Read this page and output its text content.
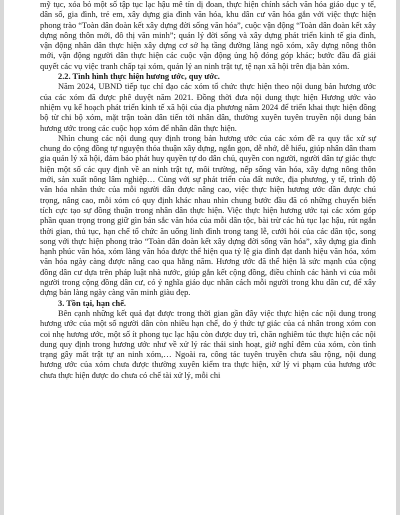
mỹ tục, xóa bỏ một số tập tục lạc hậu mê tín dị đoan, thực hiện chính sách văn hóa giáo dục y tế, dân số, gia đình, trẻ em, xây dựng gia đình văn hóa, khu dân cư văn hóa gắn với việc thực hiện phong trào “Toàn dân đoàn kết xây dựng đời sống văn hóa”, cuộc vận động “Toàn dân đoàn kết xây dựng nông thôn mới, đô thị văn minh”; quản lý đời sống và xây dựng phát triển kinh tế gia đình, vận động nhân dân thực hiện xây dựng cơ sở hạ tầng đường làng ngõ xóm, xây dựng nông thôn mới, vận động người dân thực hiện các cuộc vận động ủng hộ đóng góp khác; bước đầu đã giải quyết các vụ việc tranh chấp tại xóm, quản lý an ninh trật tự, tệ nạn xã hội trên địa bàn xóm.

2.2. Tình hình thực hiện hương ước, quy ước.

Năm 2024, UBND tiếp tục chỉ đạo các xóm tổ chức thực hiện theo nội dung bản hương ước của các xóm đã được phê duyệt năm 2021. Đồng thời đưa nội dung thực hiện Hương ước vào nhiệm vụ kế hoạch phát triển kinh tế xã hội của địa phương năm 2024 để triển khai thực hiện đồng bộ từ chi bộ xóm, mặt trận toàn dân tiến tới nhân dân, thường xuyên tuyên truyền nội dung bản hương ước trong các cuộc họp xóm để nhân dân thực hiện.

Nhìn chung các nội dung quy định trong bản hương ước của các xóm đề ra quy tắc xử sự chung do cộng đồng tự nguyện thỏa thuận xây dựng, ngắn gọn, dễ nhớ, dễ hiểu, giúp nhân dân tham gia quản lý xã hội, đảm bảo phát huy quyền tự do dân chủ, quyền con người, người dân tự giác thực hiện một số các quy định về an ninh trật tự, môi trường, nếp sống văn hóa, xây dựng nông thôn mới, sản xuất nông lâm nghiệp… Cùng với sự phát triển của đất nước, địa phương, y tế, trình độ văn hóa nhân thức của mỗi người dân được nâng cao, việc thực hiện hương ước dần được chú trọng, nâng cao, mỗi xóm có quy định khác nhau nhìn chung bước đầu đã có những chuyển biến tích cực tạo sự đồng thuận trong nhân dân thực hiện. Việc thực hiện hương ước tại các xóm góp phần quan trọng trong giữ gìn bản sắc văn hóa của mỗi dân tộc, bài trừ các hủ tục lạc hậu, rút ngắn thời gian, thủ tục, hạn chế tổ chức ăn uống linh đình trong tang lễ, cưới hỏi của các dân tộc, song song với thực hiện phong trào “Toàn dân đoàn kết xây dựng đời sống văn hóa”, xây dựng gia đình hạnh phúc văn hóa, xóm làng văn hóa được thể hiện qua tỷ lệ gia đình đạt danh hiệu văn hóa, xóm văn hóa ngày càng được nâng cao qua hằng năm. Hương ước đã thể hiện là sức mạnh của cộng đồng dân cư dựa trên pháp luật nhà nước, giúp gắn kết cộng đồng, điều chỉnh các hành vi của mỗi người trong cộng đồng dân cư, có ý nghĩa giáo dục nhân cách mỗi người trong khu dân cư, để xây dựng bản làng ngày càng văn minh giàu đẹp.

3. Tồn tại, hạn chế.

Bên cạnh những kết quả đạt được trong thời gian gần đây việc thực hiện các nội dung trong hương ước của một số người dân còn nhiều hạn chế, do ý thức tự giác của cá nhân trong xóm con coi nhẹ hương ước, một số ít phong tục lạc hậu còn được duy trì, chăn nghiêm túc thực hiện các nội dung quy định trong hương ước như về xử lý rác thải sinh hoạt, giờ nghỉ đêm của xóm, còn tình trạng gây mất trật tự an ninh xóm,… Ngoài ra, công tác tuyên truyền chưa sâu rộng, nội dung hương ước của xóm chưa được thường xuyên kiểm tra thực hiện, xử lý vi phạm của hương ước chưa thực hiện được do chưa có chế tài xử lý, mỗi chi
